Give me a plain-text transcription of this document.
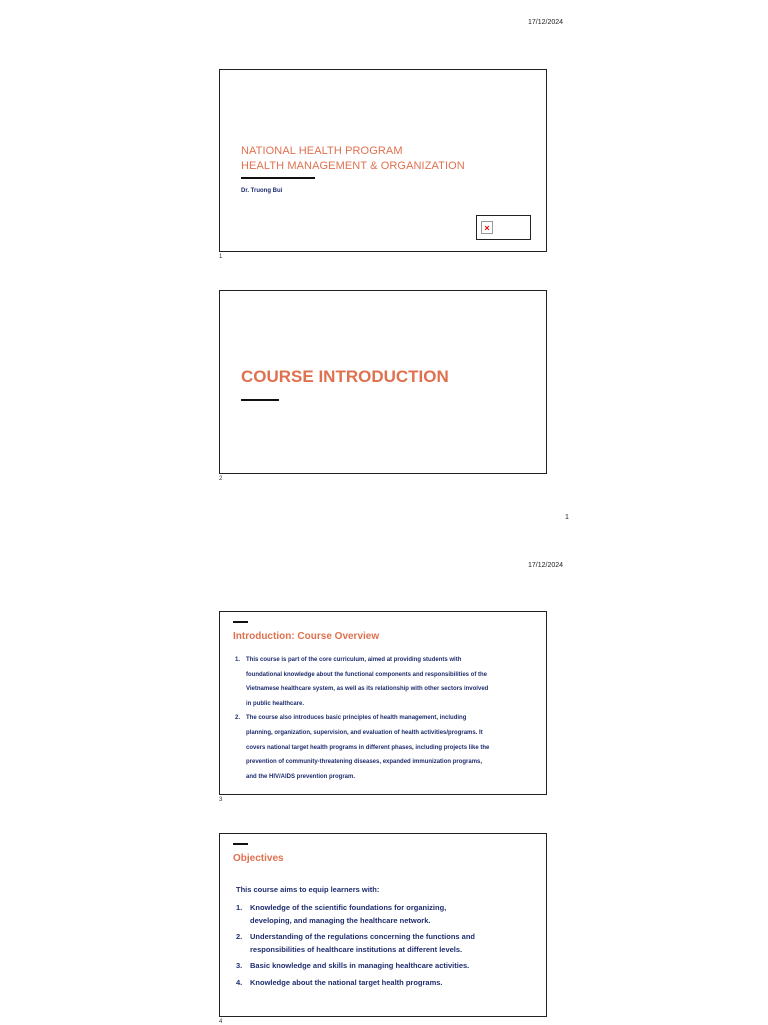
17/12/2024
NATIONAL HEALTH PROGRAM
HEALTH MANAGEMENT & ORGANIZATION
Dr. Truong Bui
×
1
COURSE INTRODUCTION
2
1
17/12/2024
Introduction: Course Overview
1. This course is part of the core curriculum, aimed at providing students with
foundational knowledge about the functional components and responsibilities of the
Vietnamese healthcare system, as well as its relationship with other sectors involved
in public healthcare.
2. The course also introduces basic principles of health management, including
planning, organization, supervision, and evaluation of health activities/programs. It
covers national target health programs in different phases, including projects like the
prevention of community-threatening diseases, expanded immunization programs,
and the HIV/AIDS prevention program.
3
Objectives
This course aims to equip learners with:
1. Knowledge of the scientific foundations for organizing,
developing, and managing the healthcare network.
2. Understanding of the regulations concerning the functions and
responsibilities of healthcare institutions at different levels.
3. Basic knowledge and skills in managing healthcare activities.
4. Knowledge about the national target health programs.
4
